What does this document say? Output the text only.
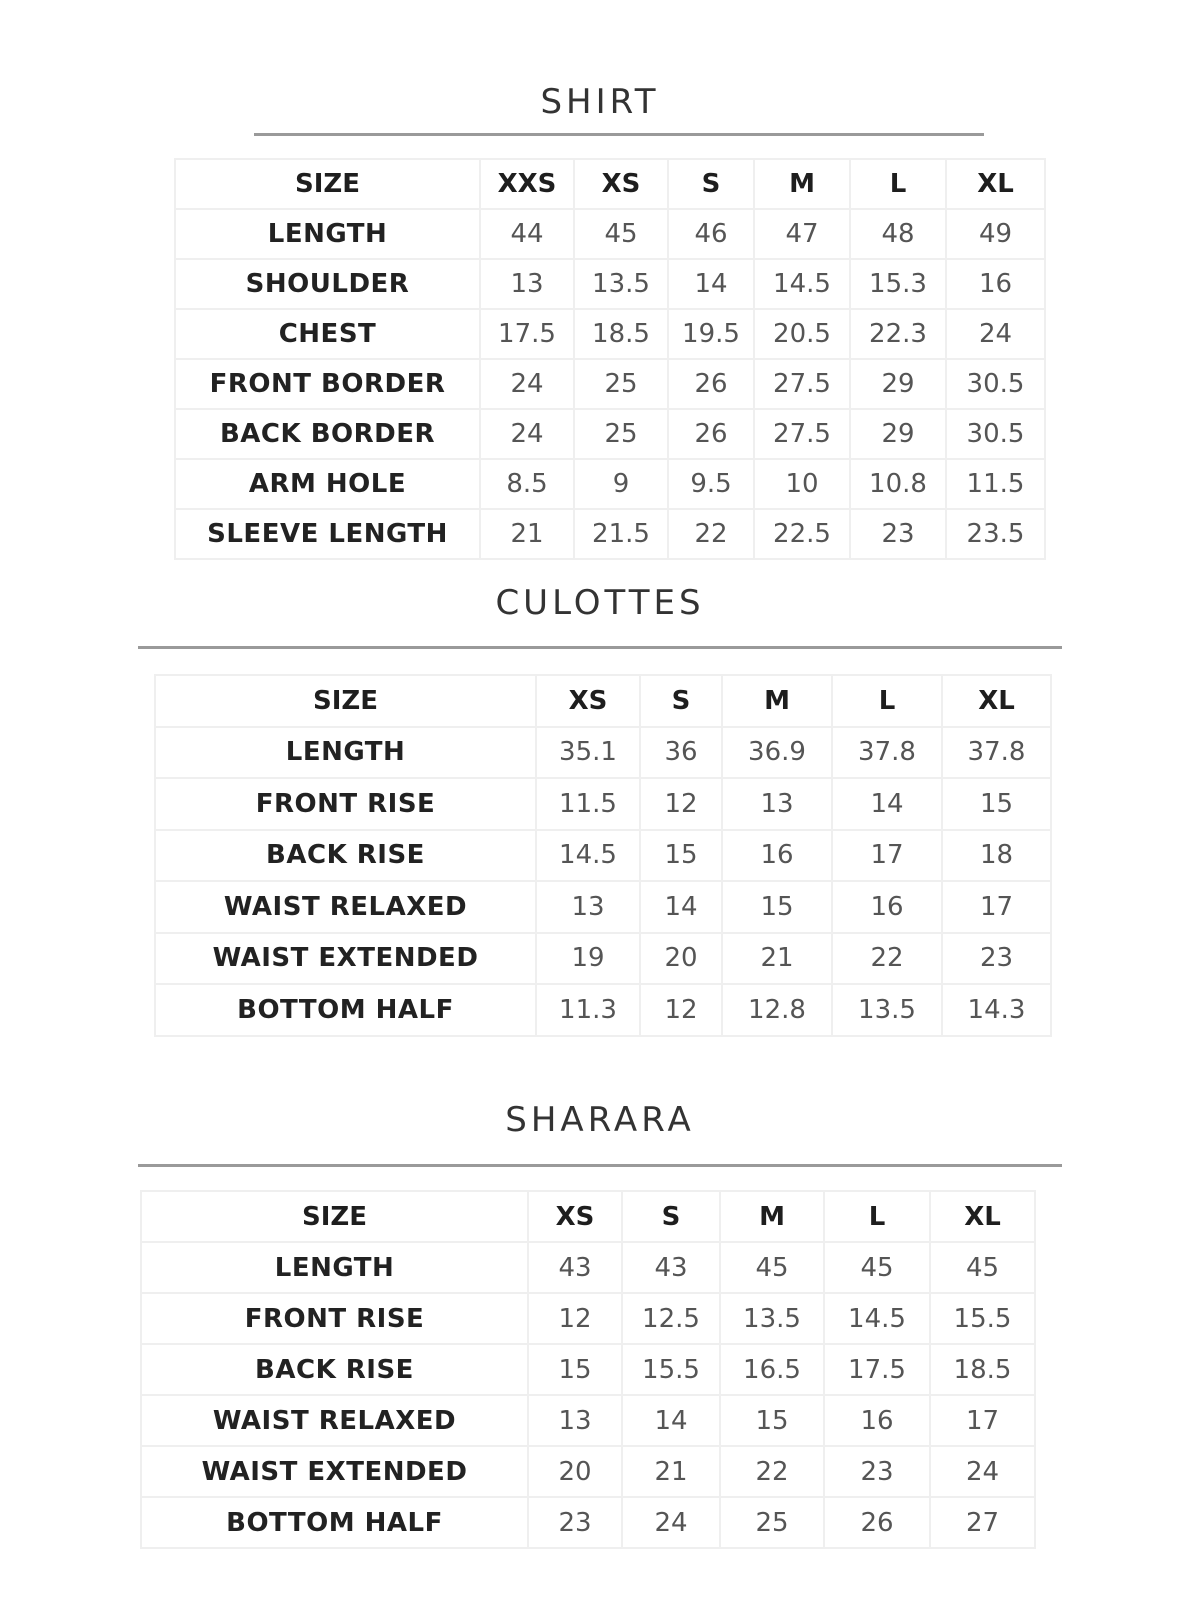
SHIRT
SIZE	XXS	XS	S	M	L	XL
LENGTH	44	45	46	47	48	49
SHOULDER	13	13.5	14	14.5	15.3	16
CHEST	17.5	18.5	19.5	20.5	22.3	24
FRONT BORDER	24	25	26	27.5	29	30.5
BACK BORDER	24	25	26	27.5	29	30.5
ARM HOLE	8.5	9	9.5	10	10.8	11.5
SLEEVE LENGTH	21	21.5	22	22.5	23	23.5
CULOTTES
SIZE	XS	S	M	L	XL
LENGTH	35.1	36	36.9	37.8	37.8
FRONT RISE	11.5	12	13	14	15
BACK RISE	14.5	15	16	17	18
WAIST RELAXED	13	14	15	16	17
WAIST EXTENDED	19	20	21	22	23
BOTTOM HALF	11.3	12	12.8	13.5	14.3
SHARARA
SIZE	XS	S	M	L	XL
LENGTH	43	43	45	45	45
FRONT RISE	12	12.5	13.5	14.5	15.5
BACK RISE	15	15.5	16.5	17.5	18.5
WAIST RELAXED	13	14	15	16	17
WAIST EXTENDED	20	21	22	23	24
BOTTOM HALF	23	24	25	26	27
